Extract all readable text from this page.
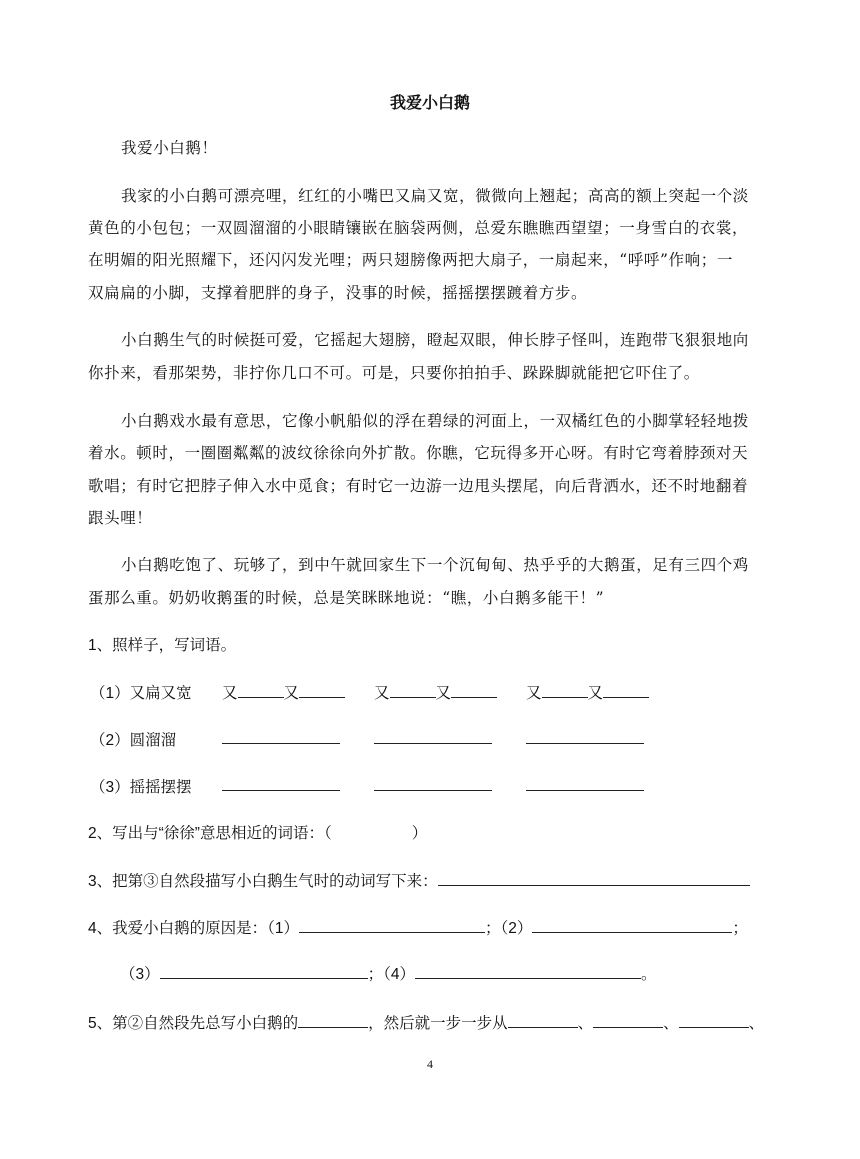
我爱小白鹅
我爱小白鹅！
我家的小白鹅可漂亮哩，红红的小嘴巴又扁又宽，微微向上翘起；高高的额上突起一个淡
黄色的小包包；一双圆溜溜的小眼睛镶嵌在脑袋两侧，总爱东瞧瞧西望望；一身雪白的衣裳，
在明媚的阳光照耀下，还闪闪发光哩；两只翅膀像两把大扇子，一扇起来，“呼呼”作响；一
双扁扁的小脚，支撑着肥胖的身子，没事的时候，摇摇摆摆踱着方步。
小白鹅生气的时候挺可爱，它摇起大翅膀，瞪起双眼，伸长脖子怪叫，连跑带飞狠狠地向
你扑来，看那架势，非拧你几口不可。可是，只要你拍拍手、跺跺脚就能把它吓住了。
小白鹅戏水最有意思，它像小帆船似的浮在碧绿的河面上，一双橘红色的小脚掌轻轻地拨
着水。顿时，一圈圈粼粼的波纹徐徐向外扩散。你瞧，它玩得多开心呀。有时它弯着脖颈对天
歌唱；有时它把脖子伸入水中觅食；有时它一边游一边甩头摆尾，向后背洒水，还不时地翻着
跟头哩！
小白鹅吃饱了、玩够了，到中午就回家生下一个沉甸甸、热乎乎的大鹅蛋，足有三四个鸡
蛋那么重。奶奶收鹅蛋的时候，总是笑眯眯地说：“瞧，小白鹅多能干！”
1、照样子，写词语。
（1）又扁又宽 又	又	又	又	又	又
（2）圆溜溜
（3）摇摇摆摆
2、写出与“徐徐”意思相近的词语：（	）
3、把第③自然段描写小白鹅生气时的动词写下来：
4、我爱小白鹅的原因是：（1）	；（2）	；
（3）	；（4）	。
5、第②自然段先总写小白鹅的	，然后就一步一步从	、	、	、
4
